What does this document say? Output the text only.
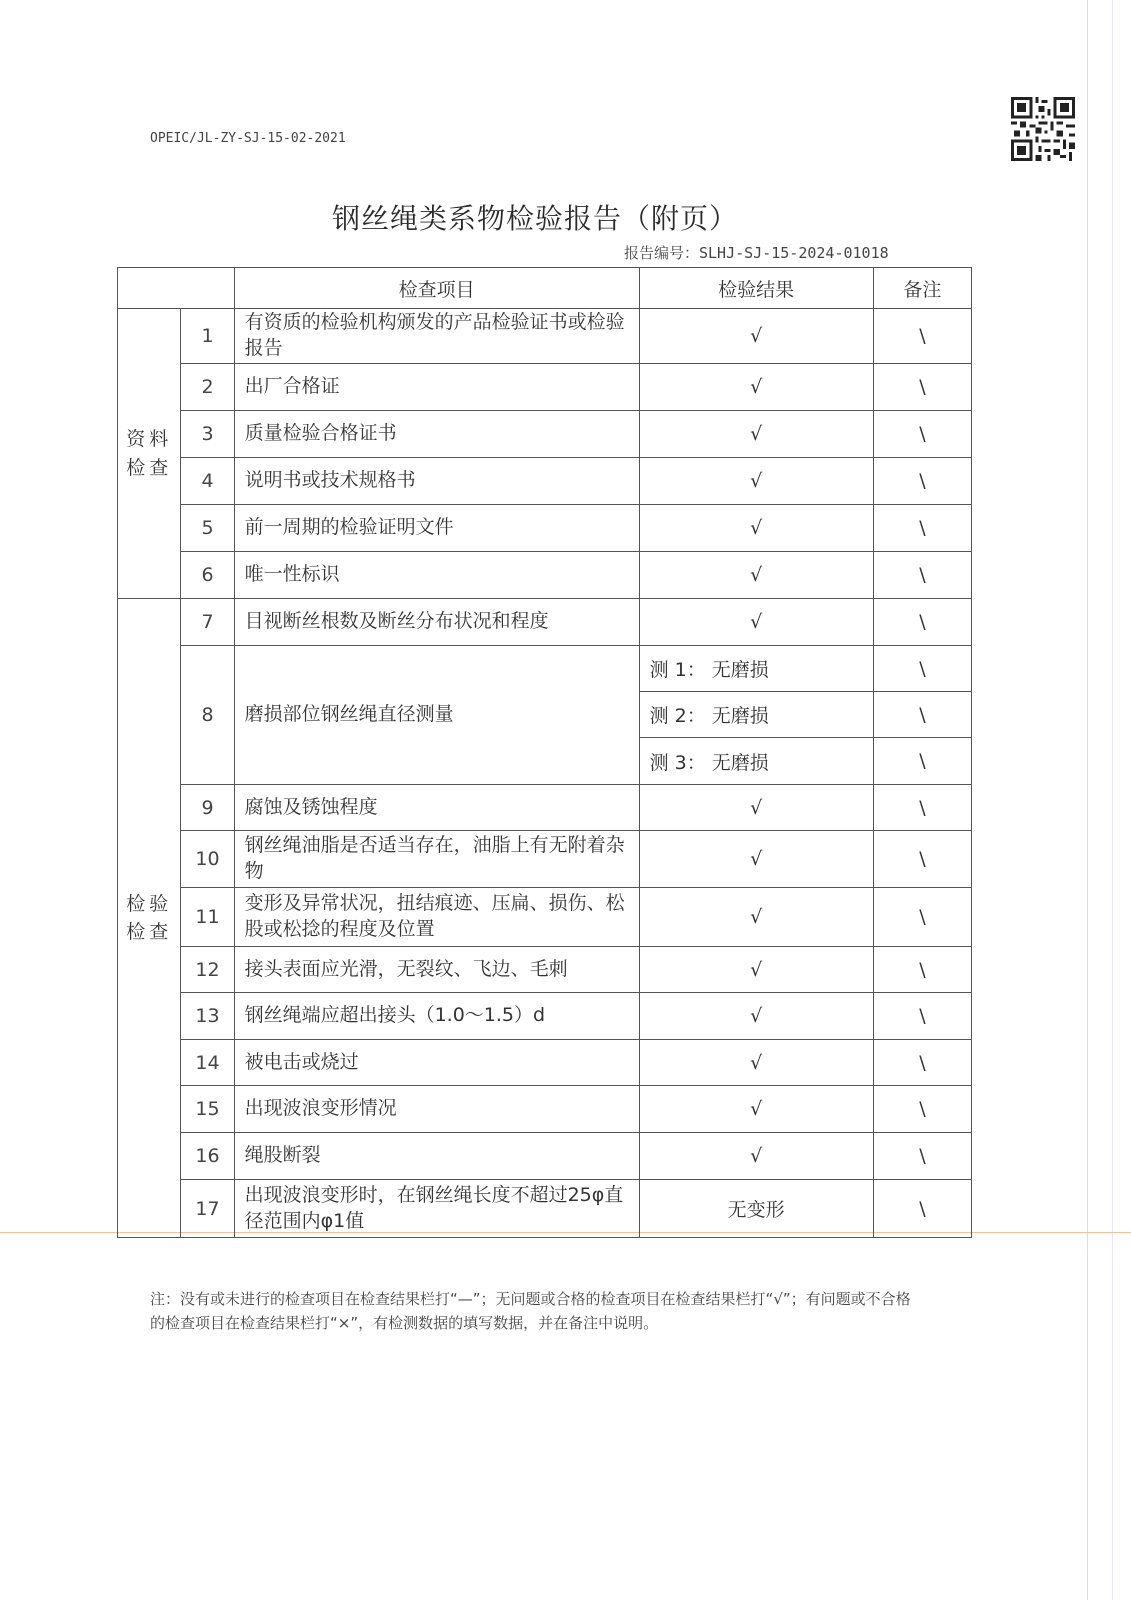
OPEIC/JL-ZY-SJ-15-02-2021
钢丝绳类系物检验报告（附页）
报告编号：SLHJ-SJ-15-2024-01018
		检查项目	检验结果	备注
资料检查	1	有资质的检验机构颁发的产品检验证书或检验报告	√	\
	2	出厂合格证	√	\
	3	质量检验合格证书	√	\
	4	说明书或技术规格书	√	\
	5	前一周期的检验证明文件	√	\
	6	唯一性标识	√	\
检验检查	7	目视断丝根数及断丝分布状况和程度	√	\
	8	磨损部位钢丝绳直径测量	测 1： 无磨损	\
			测 2： 无磨损	\
			测 3： 无磨损	\
	9	腐蚀及锈蚀程度	√	\
	10	钢丝绳油脂是否适当存在，油脂上有无附着杂物	√	\
	11	变形及异常状况，扭结痕迹、压扁、损伤、松股或松捻的程度及位置	√	\
	12	接头表面应光滑，无裂纹、飞边、毛刺	√	\
	13	钢丝绳端应超出接头（1.0～1.5）d	√	\
	14	被电击或烧过	√	\
	15	出现波浪变形情况	√	\
	16	绳股断裂	√	\
	17	出现波浪变形时，在钢丝绳长度不超过25φ直径范围内φ1值	无变形	\
注：没有或未进行的检查项目在检查结果栏打“—”；无问题或合格的检查项目在检查结果栏打“√”；有问题或不合格的检查项目在检查结果栏打“×”，有检测数据的填写数据，并在备注中说明。
